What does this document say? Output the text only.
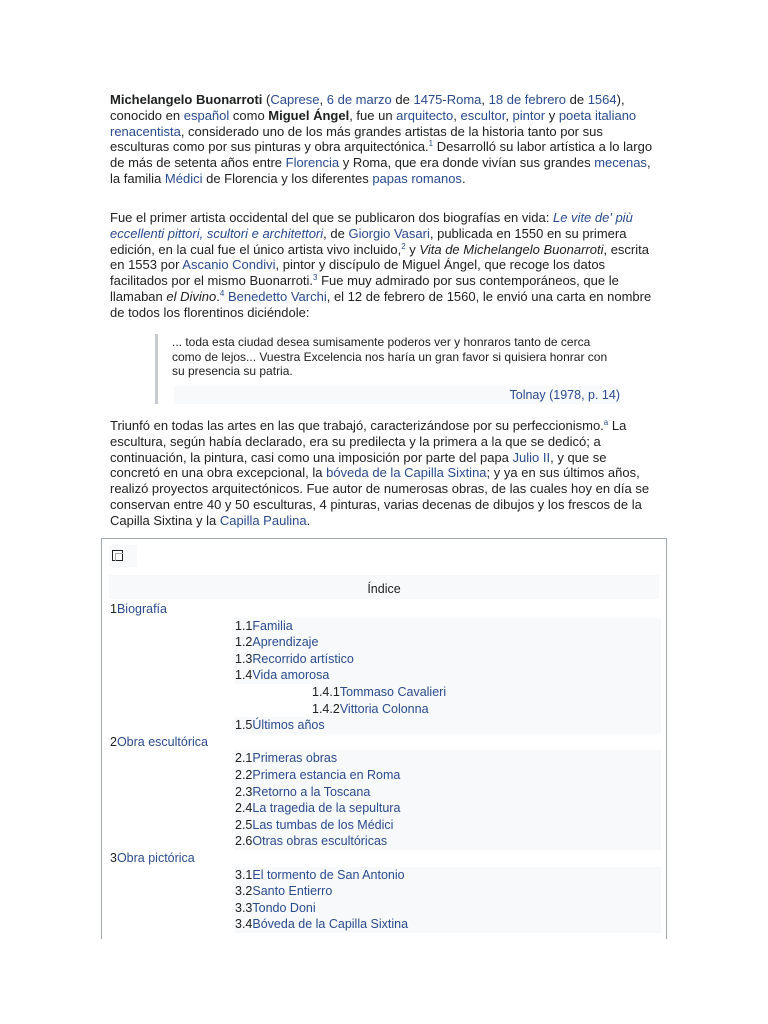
Michelangelo Buonarroti (Caprese, 6 de marzo de 1475-Roma, 18 de febrero de 1564), conocido en español como Miguel Ángel, fue un arquitecto, escultor, pintor y poeta italiano renacentista, considerado uno de los más grandes artistas de la historia tanto por sus esculturas como por sus pinturas y obra arquitectónica.$^1$ Desarrolló su labor artística a lo largo de más de setenta años entre Florencia y Roma, que era donde vivían sus grandes mecenas, la familia Médici de Florencia y los diferentes papas romanos.

Fue el primer artista occidental del que se publicaron dos biografías en vida: Le vite de' più eccellenti pittori, scultori e architettori, de Giorgio Vasari, publicada en 1550 en su primera edición, en la cual fue el único artista vivo incluido,$^2$ y Vita de Michelangelo Buonarroti, escrita en 1553 por Ascanio Condivi, pintor y discípulo de Miguel Ángel, que recoge los datos facilitados por el mismo Buonarroti.$^3$ Fue muy admirado por sus contemporáneos, que le llamaban el Divino.$^4$ Benedetto Varchi, el 12 de febrero de 1560, le envió una carta en nombre de todos los florentinos diciéndole:

... toda esta ciudad desea sumisamente poderos ver y honraros tanto de cerca como de lejos... Vuestra Excelencia nos haría un gran favor si quisiera honrar con su presencia su patria.
Tolnay (1978, p. 14)

Triunfó en todas las artes en las que trabajó, caracterizándose por su perfeccionismo.$^a$ La escultura, según había declarado, era su predilecta y la primera a la que se dedicó; a continuación, la pintura, casi como una imposición por parte del papa Julio II, y que se concretó en una obra excepcional, la bóveda de la Capilla Sixtina; y ya en sus últimos años, realizó proyectos arquitectónicos. Fue autor de numerosas obras, de las cuales hoy en día se conservan entre 40 y 50 esculturas, 4 pinturas, varias decenas de dibujos y los frescos de la Capilla Sixtina y la Capilla Paulina.

Índice
1Biografía
1.1Familia
1.2Aprendizaje
1.3Recorrido artístico
1.4Vida amorosa
1.4.1Tommaso Cavalieri
1.4.2Vittoria Colonna
1.5Últimos años
2Obra escultórica
2.1Primeras obras
2.2Primera estancia en Roma
2.3Retorno a la Toscana
2.4La tragedia de la sepultura
2.5Las tumbas de los Médici
2.6Otras obras escultóricas
3Obra pictórica
3.1El tormento de San Antonio
3.2Santo Entierro
3.3Tondo Doni
3.4Bóveda de la Capilla Sixtina
